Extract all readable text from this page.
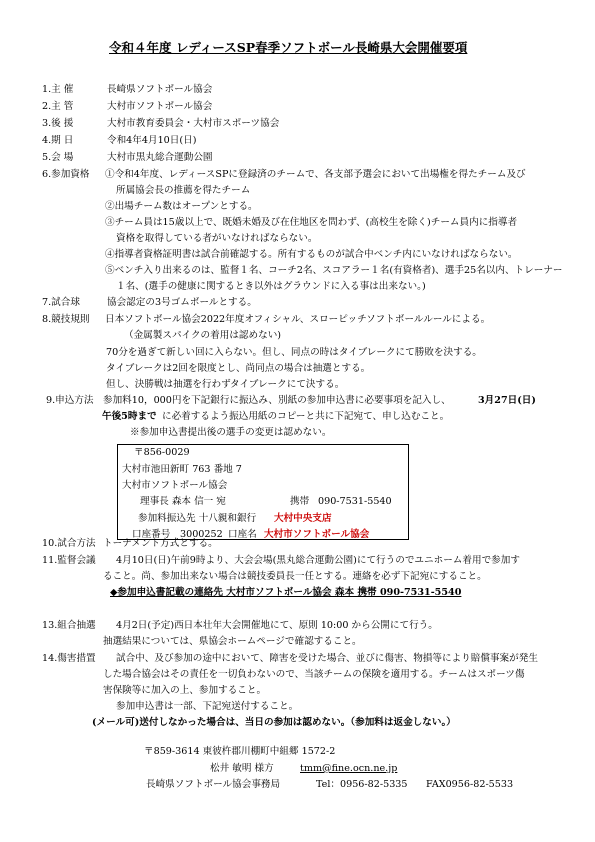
令和４年度 レディースSP春季ソフトボール長崎県大会開催要項
1.主 催	長崎県ソフトボール協会
2.主 管	大村市ソフトボール協会
3.後 援	大村市教育委員会・大村市スポーツ協会
4.期 日	令和4年4月10日(日)
5.会 場	大村市黒丸総合運動公園
6.参加資格 ①令和4年度、レディースSPに登録済のチームで、各支部予選会において出場権を得たチーム及び
所属協会長の推薦を得たチーム
②出場チーム数はオープンとする。
③チーム員は15歳以上で、既婚未婚及び在住地区を問わず、(高校生を除く)チーム員内に指導者
資格を取得している者がいなければならない。
④指導者資格証明書は試合前確認する。所有するものが試合中ベンチ内にいなければならない。
⑤ベンチ入り出来るのは、監督１名、コーチ2名、スコアラー１名(有資格者)、選手25名以内、トレーナー
１名、(選手の健康に関するとき以外はグラウンドに入る事は出来ない。)
7.試合球	協会認定の3号ゴムボールとする。
8.競技規則 日本ソフトボール協会2022年度オフィシャル、スローピッチソフトボールルールによる。
（金属製スパイクの着用は認めない)
70分を過ぎて新しい回に入らない。但し、同点の時はタイブレークにて勝敗を決する。
タイブレークは2回を限度とし、尚同点の場合は抽選とする。
但し、決勝戦は抽選を行わずタイブレークにて決する。
9.申込方法 参加料10，000円を下記銀行に振込み、別紙の参加申込書に必要事項を記入し、	3月27日(日)
午後5時まで に必着するよう振込用紙のコピーと共に下記宛て、申し込むこと。
※参加申込書提出後の選手の変更は認めない。
〒856-0029
大村市池田新町 763 番地 7
大村市ソフトボール協会
理事長 森本 信一 宛	携帯 090-7531-5540
参加料振込先 十八親和銀行 大村中央支店
口座番号 3000252 口座名 大村市ソフトボール協会
10.試合方法 トーナメント方式とする。
11.監督会議 4月10日(日)午前9時より、大会会場(黒丸総合運動公園)にて行うのでユニホーム着用で参加す
ること。尚、参加出来ない場合は競技委員長一任とする。連絡を必ず下記宛にすること。
◆参加申込書記載の連絡先 大村市ソフトボール協会 森本 携帯 090-7531-5540
13.組合抽選 4月2日(予定)西日本壮年大会開催地にて、原則 10:00 から公開にて行う。
抽選結果については、県協会ホームページで確認すること。
14.傷害措置 試合中、及び参加の途中において、障害を受けた場合、並びに傷害、物損等により賠償事案が発生
した場合協会はその責任を一切負わないので、当該チームの保険を適用する。チームはスポーツ傷
害保険等に加入の上、参加すること。
参加申込書は一部、下記宛送付すること。
(メール可)送付しなかった場合は、当日の参加は認めない。（参加料は返金しない。）
〒859-3614 東彼杵郡川棚町中組郷 1572-2
松井 敏明 様方	tmm@fine.ocn.ne.jp
長崎県ソフトボール協会事務局	Tel：0956-82-5335 FAX0956-82-5533
